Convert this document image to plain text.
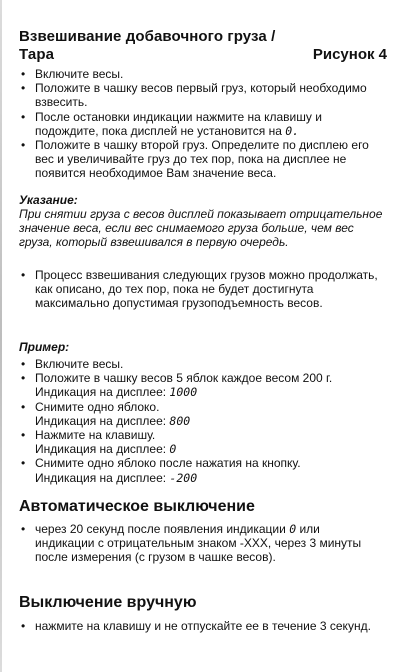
Взвешивание добавочного груза / Тара	Рисунок 4
• Включите весы.
• Положите в чашку весов первый груз, который необходимо взвесить.
• После остановки индикации нажмите на клавишу и подождите, пока дисплей не установится на 0.
• Положите в чашку второй груз. Определите по дисплею его вес и увеличивайте груз до тех пор, пока на дисплее не появится необходимое Вам значение веса.
Указание:
При снятии груза с весов дисплей показывает отрицательное значение веса, если вес снимаемого груза больше, чем вес груза, который взвешивался в первую очередь.
• Процесс взвешивания следующих грузов можно продолжать, как описано, до тех пор, пока не будет достигнута максимально допустимая грузоподъемность весов.
Пример:
• Включите весы.
• Положите в чашку весов 5 яблок каждое весом 200 г. Индикация на дисплее: 1000
• Снимите одно яблоко.
Индикация на дисплее: 800
• Нажмите на клавишу.
Индикация на дисплее: 0
• Снимите одно яблоко после нажатия на кнопку.
Индикация на дисплее: -200
Автоматическое выключение
• через 20 секунд после появления индикации 0 или индикации с отрицательным знаком -XXX, через 3 минуты после измерения (с грузом в чашке весов).
Выключение вручную
• нажмите на клавишу и не отпускайте ее в течение 3 секунд.
